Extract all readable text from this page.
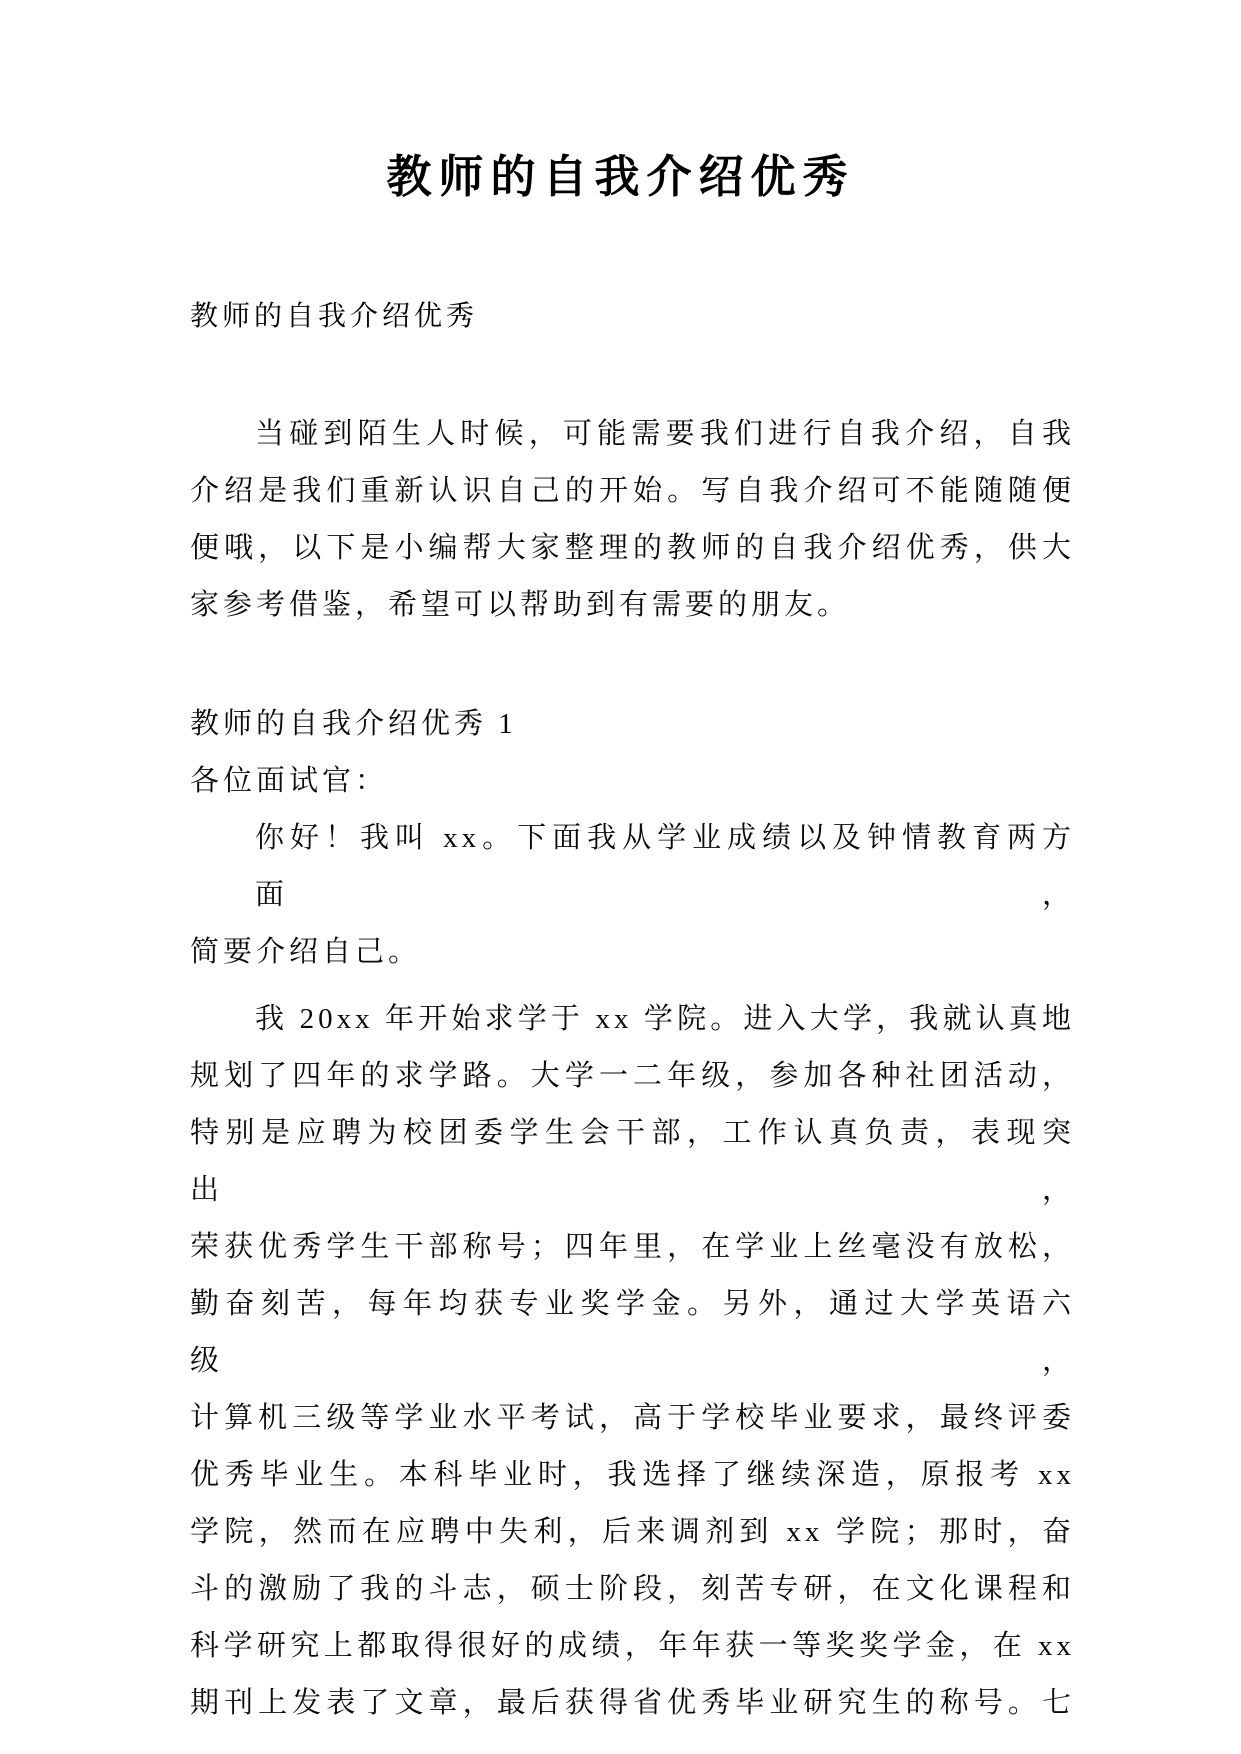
教师的自我介绍优秀
教师的自我介绍优秀
当碰到陌生人时候，可能需要我们进行自我介绍，自我
介绍是我们重新认识自己的开始。写自我介绍可不能随随便
便哦，以下是小编帮大家整理的教师的自我介绍优秀，供大
家参考借鉴，希望可以帮助到有需要的朋友。
教师的自我介绍优秀 1
各位面试官：
你好！我叫 xx。下面我从学业成绩以及钟情教育两方面，
简要介绍自己。
我 20xx 年开始求学于 xx 学院。进入大学，我就认真地
规划了四年的求学路。大学一二年级，参加各种社团活动，
特别是应聘为校团委学生会干部，工作认真负责，表现突出，
荣获优秀学生干部称号；四年里，在学业上丝毫没有放松，
勤奋刻苦，每年均获专业奖学金。另外，通过大学英语六级，
计算机三级等学业水平考试，高于学校毕业要求，最终评委
优秀毕业生。本科毕业时，我选择了继续深造，原报考 xx
学院，然而在应聘中失利，后来调剂到 xx 学院；那时，奋
斗的激励了我的斗志，硕士阶段，刻苦专研，在文化课程和
科学研究上都取得很好的成绩，年年获一等奖奖学金，在 xx
期刊上发表了文章，最后获得省优秀毕业研究生的称号。七
